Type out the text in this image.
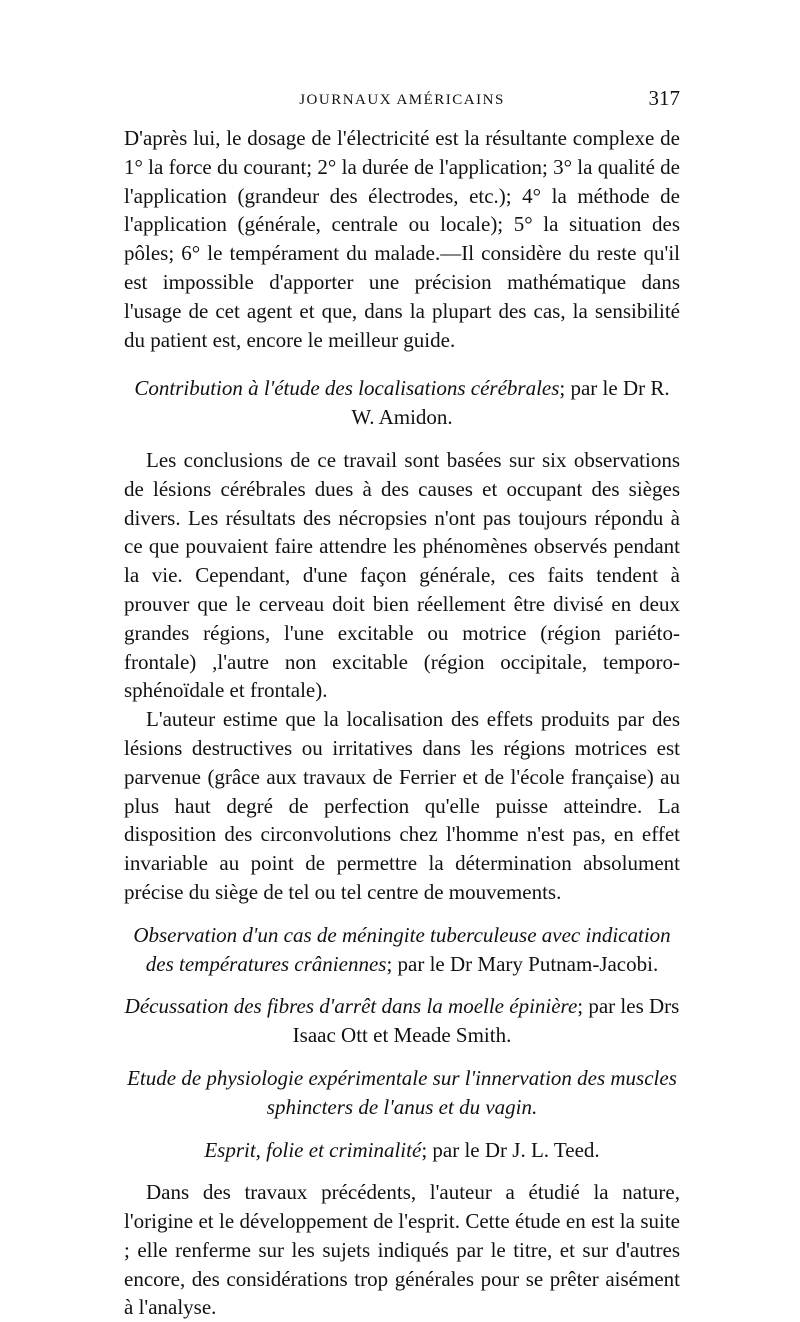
JOURNAUX AMÉRICAINS	317

D'après lui, le dosage de l'électricité est la résultante complexe de 1° la force du courant; 2° la durée de l'application; 3° la qualité de l'application (grandeur des électrodes, etc.); 4° la méthode de l'application (générale, centrale ou locale); 5° la situation des pôles; 6° le tempérament du malade.—Il considère du reste qu'il est impossible d'apporter une précision mathématique dans l'usage de cet agent et que, dans la plupart des cas, la sensibilité du patient est, encore le meilleur guide.

Contribution à l'étude des localisations cérébrales; par le Dr R. W. Amidon.

Les conclusions de ce travail sont basées sur six observations de lésions cérébrales dues à des causes et occupant des sièges divers. Les résultats des nécropsies n'ont pas toujours répondu à ce que pouvaient faire attendre les phénomènes observés pendant la vie. Cependant, d'une façon générale, ces faits tendent à prouver que le cerveau doit bien réellement être divisé en deux grandes régions, l'une excitable ou motrice (région pariéto-frontale) ,l'autre non excitable (région occipitale, temporo-sphénoïdale et frontale).

L'auteur estime que la localisation des effets produits par des lésions destructives ou irritatives dans les régions motrices est parvenue (grâce aux travaux de Ferrier et de l'école française) au plus haut degré de perfection qu'elle puisse atteindre. La disposition des circonvolutions chez l'homme n'est pas, en effet invariable au point de permettre la détermination absolument précise du siège de tel ou tel centre de mouvements.

Observation d'un cas de méningite tuberculeuse avec indication des températures crâniennes; par le Dr Mary Putnam-Jacobi.

Décussation des fibres d'arrêt dans la moelle épinière; par les Drs Isaac Ott et Meade Smith.

Etude de physiologie expérimentale sur l'innervation des muscles sphincters de l'anus et du vagin.

Esprit, folie et criminalité; par le Dr J. L. Teed.

Dans des travaux précédents, l'auteur a étudié la nature, l'origine et le développement de l'esprit. Cette étude en est la suite ; elle renferme sur les sujets indiqués par le titre, et sur d'autres encore, des considérations trop générales pour se prêter aisément à l'analyse.
